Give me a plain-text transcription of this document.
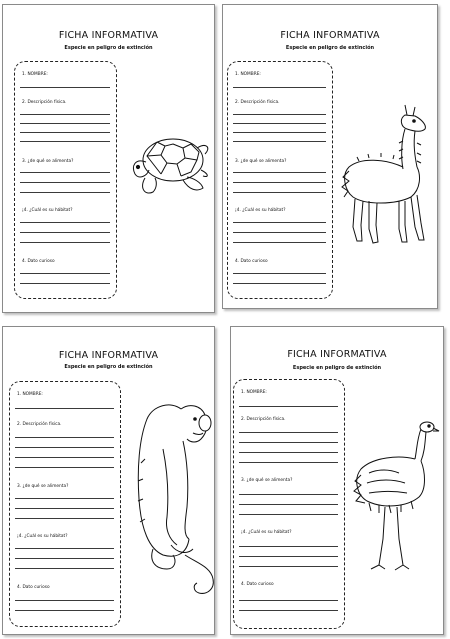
FICHA INFORMATIVA
Especie en peligro de extinción
1. NOMBRE:
2. Descripción física.
3. ¿de qué se alimenta?
¡4. ¿Cuál es su hábitat?
4. Dato curioso
FICHA INFORMATIVA
Especie en peligro de extinción
1. NOMBRE:
2. Descripción física.
3. ¿de qué se alimenta?
¡4. ¿Cuál es su hábitat?
4. Dato curioso
FICHA INFORMATIVA
Especie en peligro de extinción
1. NOMBRE:
2. Descripción física.
3. ¿de qué se alimenta?
¡4. ¿Cuál es su hábitat?
4. Dato curioso
FICHA INFORMATIVA
Especie en peligro de extinción
1. NOMBRE:
2. Descripción física.
3. ¿de qué se alimenta?
¡4. ¿Cuál es su hábitat?
4. Dato curioso
